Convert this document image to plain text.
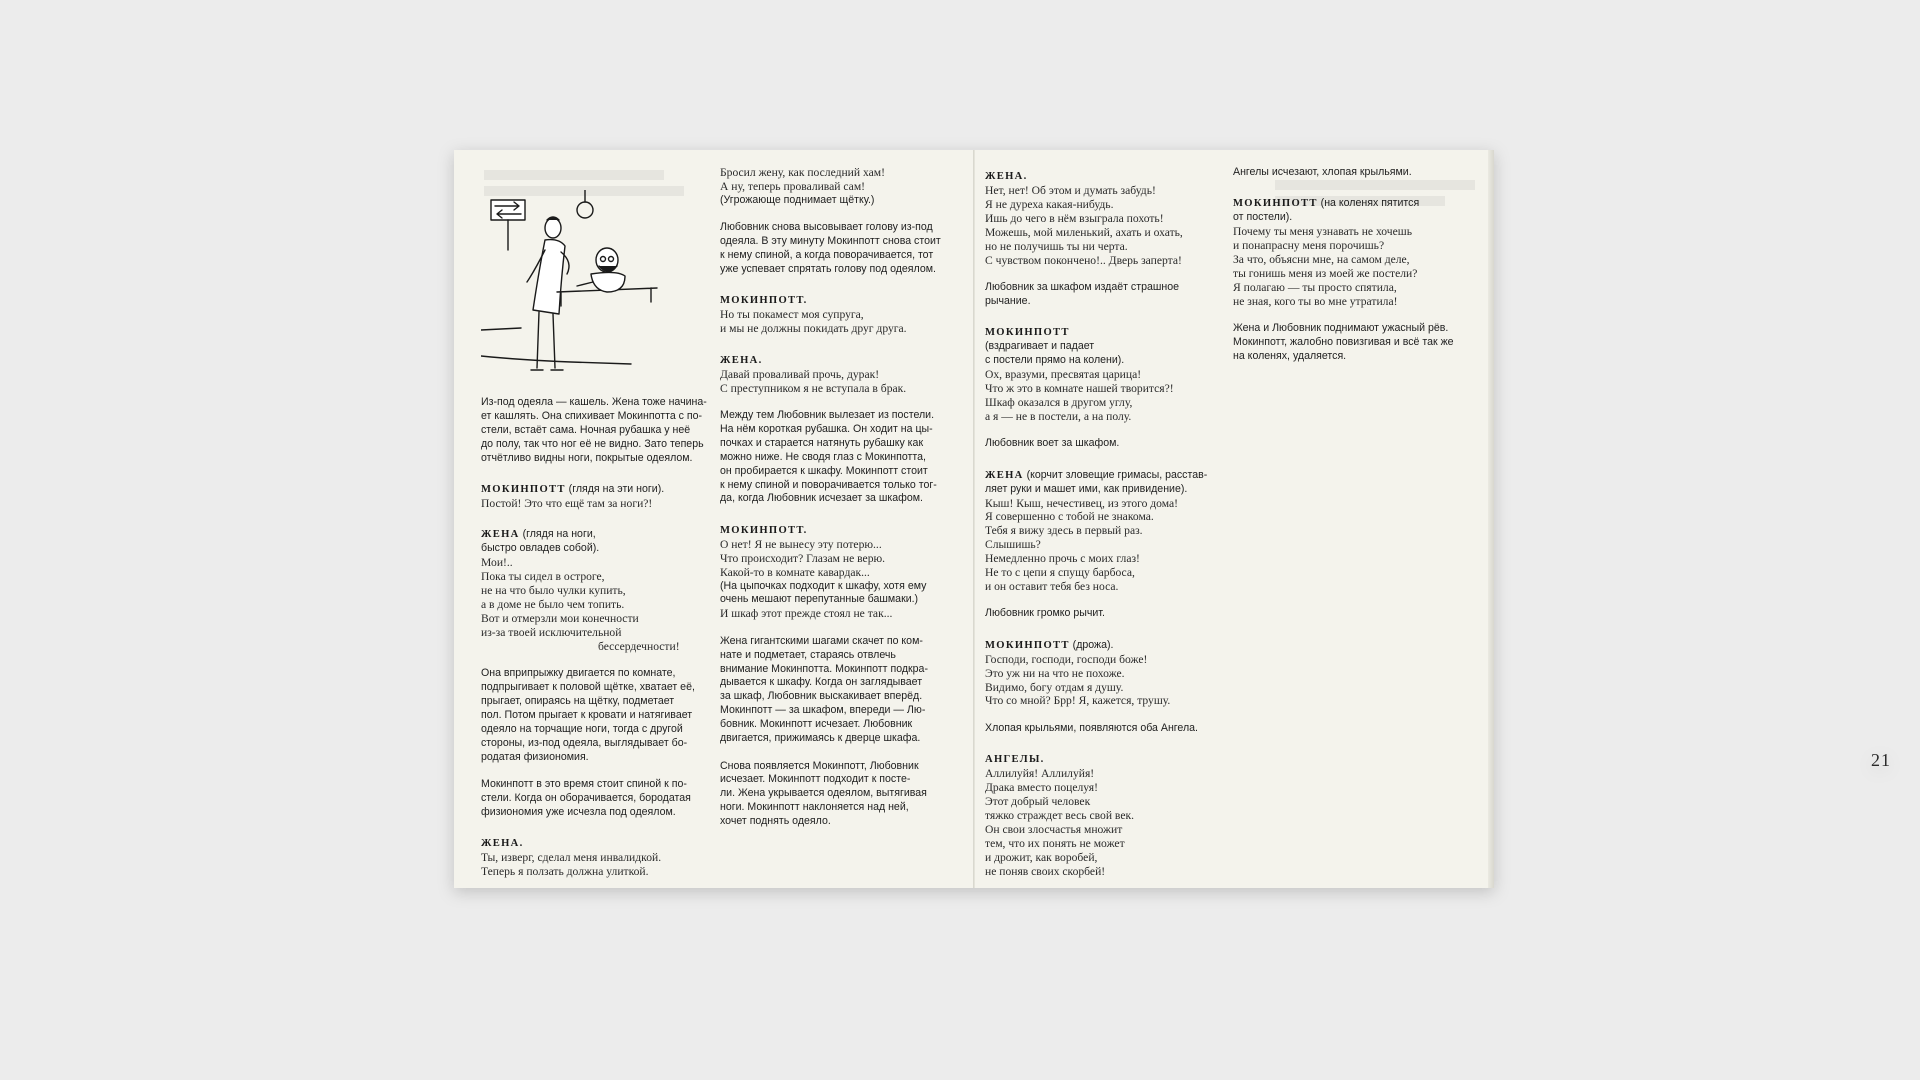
Из-под одеяла — кашель. Жена тоже начина-
ет кашлять. Она спихивает Мокинпотта с по-
стели, встаёт сама. Ночная рубашка у неё
до полу, так что ног её не видно. Зато теперь
отчётливо видны ноги, покрытые одеялом.
МОКИНПОТТ (глядя на эти ноги).
Постой! Это что ещё там за ноги?!
ЖЕНА (глядя на ноги,
быстро овладев собой).
Мои!..
Пока ты сидел в остроге,
не на что было чулки купить,
а в доме не было чем топить.
Вот и отмерзли мои конечности
из-за твоей исключительной
бессердечности!
Она вприпрыжку двигается по комнате,
подпрыгивает к половой щётке, хватает её,
прыгает, опираясь на щётку, подметает
пол. Потом прыгает к кровати и натягивает
одеяло на торчащие ноги, тогда с другой
стороны, из-под одеяла, выглядывает бо-
родатая физиономия.
Мокинпотт в это время стоит спиной к по-
стели. Когда он оборачивается, бородатая
физиономия уже исчезла под одеялом.
ЖЕНА.
Ты, изверг, сделал меня инвалидкой.
Теперь я ползать должна улиткой.
Бросил жену, как последний хам!
А ну, теперь проваливай сам!
(Угрожающе поднимает щётку.)
Любовник снова высовывает голову из-под
одеяла. В эту минуту Мокинпотт снова стоит
к нему спиной, а когда поворачивается, тот
уже успевает спрятать голову под одеялом.
МОКИНПОТТ.
Но ты покамест моя супруга,
и мы не должны покидать друг друга.
ЖЕНА.
Давай проваливай прочь, дурак!
С преступником я не вступала в брак.
Между тем Любовник вылезает из постели.
На нём короткая рубашка. Он ходит на цы-
почках и старается натянуть рубашку как
можно ниже. Не сводя глаз с Мокинпотта,
он пробирается к шкафу. Мокинпотт стоит
к нему спиной и поворачивается только тог-
да, когда Любовник исчезает за шкафом.
МОКИНПОТТ.
О нет! Я не вынесу эту потерю...
Что происходит? Глазам не верю.
Какой-то в комнате кавардак...
(На цыпочках подходит к шкафу, хотя ему
очень мешают перепутанные башмаки.)
И шкаф этот прежде стоял не так...
Жена гигантскими шагами скачет по ком-
нате и подметает, стараясь отвлечь
внимание Мокинпотта. Мокинпотт подкра-
дывается к шкафу. Когда он заглядывает
за шкаф, Любовник выскакивает вперёд.
Мокинпотт — за шкафом, впереди — Лю-
бовник. Мокинпотт исчезает. Любовник
двигается, прижимаясь к дверце шкафа.
Снова появляется Мокинпотт, Любовник
исчезает. Мокинпотт подходит к посте-
ли. Жена укрывается одеялом, вытягивая
ноги. Мокинпотт наклоняется над ней,
хочет поднять одеяло.
21
ЖЕНА.
Нет, нет! Об этом и думать забудь!
Я не дуреха какая-нибудь.
Ишь до чего в нём взыграла похоть!
Можешь, мой миленький, ахать и охать,
но не получишь ты ни черта.
С чувством покончено!.. Дверь заперта!
Любовник за шкафом издаёт страшное
рычание.
МОКИНПОТТ
(вздрагивает и падает
с постели прямо на колени).
Ох, вразуми, пресвятая царица!
Что ж это в комнате нашей творится?!
Шкаф оказался в другом углу,
а я — не в постели, а на полу.
Любовник воет за шкафом.
ЖЕНА (корчит зловещие гримасы, расстав-
ляет руки и машет ими, как привидение).
Кыш! Кыш, нечестивец, из этого дома!
Я совершенно с тобой не знакома.
Тебя я вижу здесь в первый раз.
Слышишь?
Немедленно прочь с моих глаз!
Не то с цепи я спущу барбоса,
и он оставит тебя без носа.
Любовник громко рычит.
МОКИНПОТТ (дрожа).
Господи, господи, господи боже!
Это уж ни на что не похоже.
Видимо, богу отдам я душу.
Что со мной? Брр! Я, кажется, трушу.
Хлопая крыльями, появляются оба Ангела.
АНГЕЛЫ.
Аллилуйя! Аллилуйя!
Драка вместо поцелуя!
Этот добрый человек
тяжко страждет весь свой век.
Он свои злосчастья множит
тем, что их понять не может
и дрожит, как воробей,
не поняв своих скорбей!
Ангелы исчезают, хлопая крыльями.
МОКИНПОТТ (на коленях пятится
от постели).
Почему ты меня узнавать не хочешь
и понапрасну меня порочишь?
За что, объясни мне, на самом деле,
ты гонишь меня из моей же постели?
Я полагаю — ты просто спятила,
не зная, кого ты во мне утратила!
Жена и Любовник поднимают ужасный рёв.
Мокинпотт, жалобно повизгивая и всё так же
на коленях, удаляется.
